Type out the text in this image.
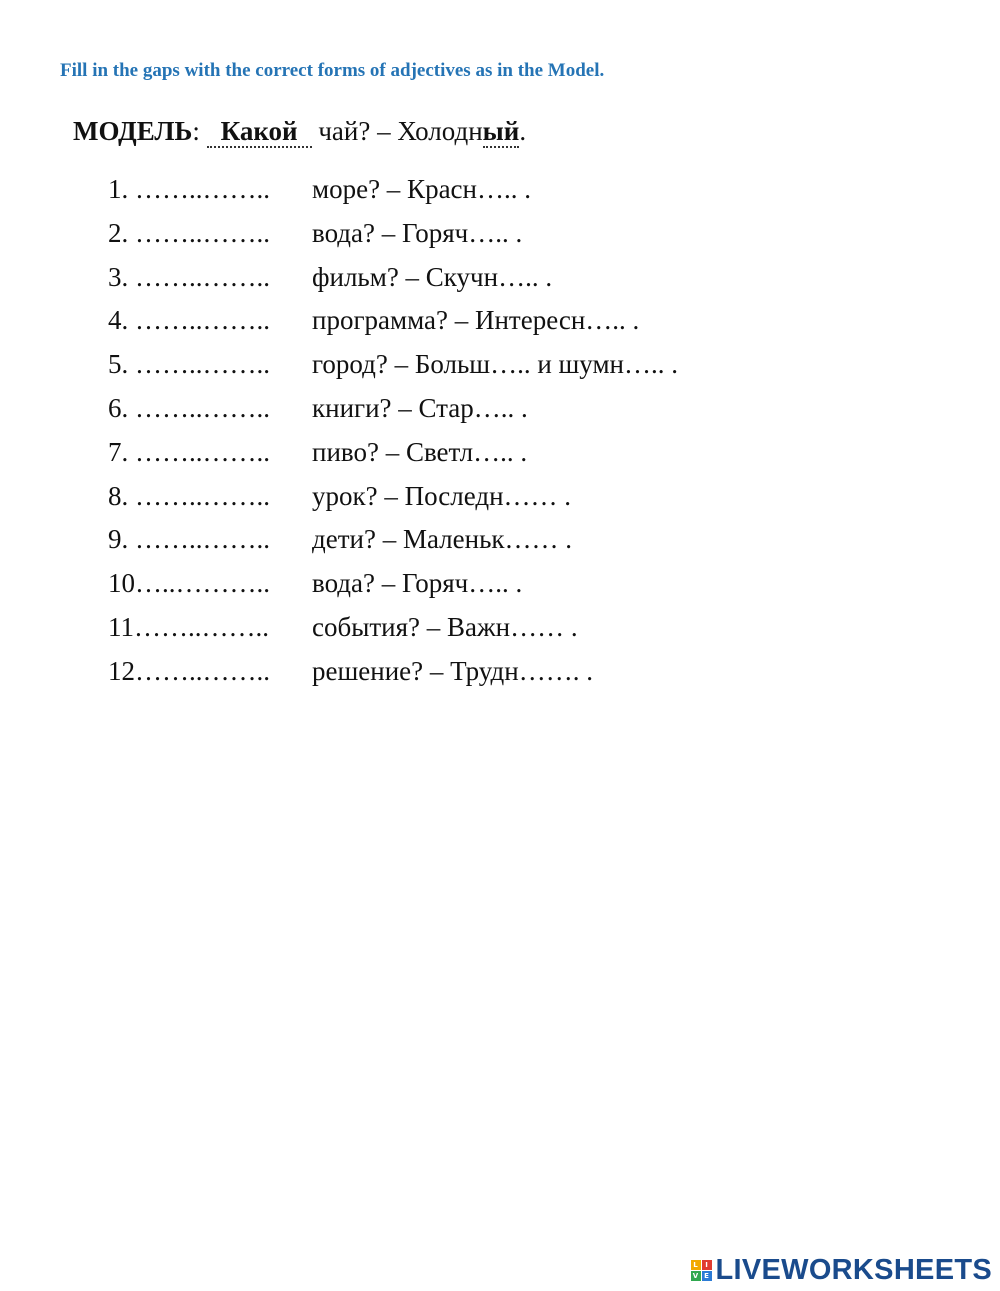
Fill in the gaps with the correct forms of adjectives as in the Model.
МОДЕЛЬ: Какой чай? – Холодный.
1. ……..…….. море? – Красн….. .
2. ……..…….. вода? – Горяч….. .
3. ……..…….. фильм? – Скучн….. .
4. ……..…….. программа? – Интересн….. .
5. ……..…….. город? – Больш….. и шумн….. .
6. ……..…….. книги? – Стар….. .
7. ……..…….. пиво? – Светл….. .
8. ……..…….. урок? – Последн…… .
9. ……..…….. дети? – Маленьк…… .
10…..……….. вода? – Горяч….. .
11……..…….. события? – Важн…… .
12……..…….. решение? – Трудн……. .
L	I
V E LIVEWORKSHEETS
